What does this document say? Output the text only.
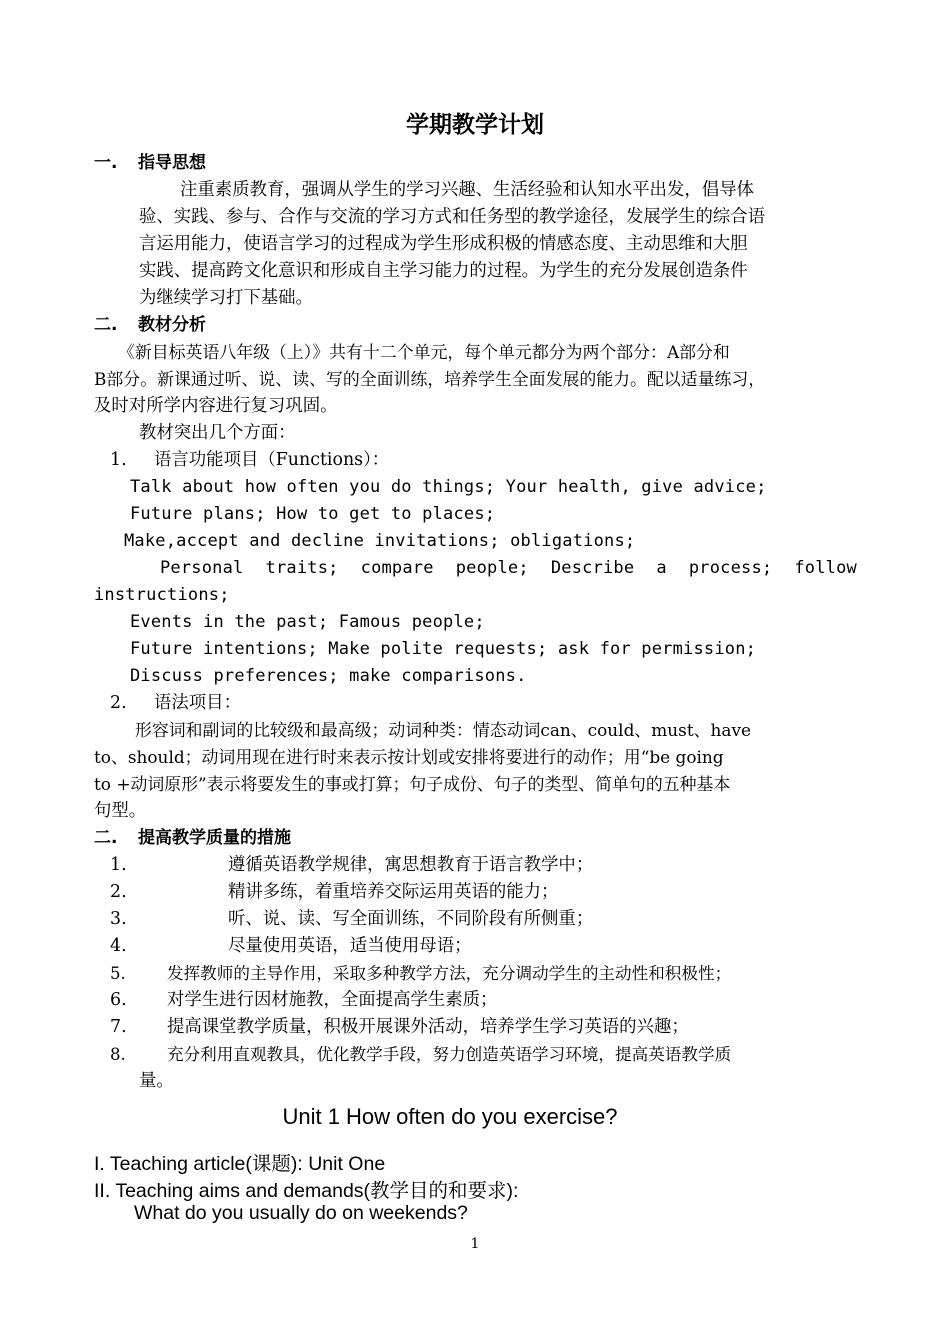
学期教学计划
一. 指导思想
注重素质教育，强调从学生的学习兴趣、生活经验和认知水平出发，倡导体
验、实践、参与、合作与交流的学习方式和任务型的教学途径，发展学生的综合语
言运用能力，使语言学习的过程成为学生形成积极的情感态度、主动思维和大胆
实践、提高跨文化意识和形成自主学习能力的过程。为学生的充分发展创造条件
为继续学习打下基础。
二. 教材分析
《新目标英语八年级（上）》共有十二个单元，每个单元都分为两个部分：A部分和
B部分。新课通过听、说、读、写的全面训练，培养学生全面发展的能力。配以适量练习，
及时对所学内容进行复习巩固。
教材突出几个方面：
1. 语言功能项目（Functions）：
Talk about how often you do things; Your health, give advice;
Future plans; How to get to places;
Make,accept and decline invitations; obligations;
Personal traits; compare people; Describe a process; follow
instructions;
Events in the past; Famous people;
Future intentions; Make polite requests; ask for permission;
Discuss preferences; make comparisons.
2. 语法项目：
形容词和副词的比较级和最高级；动词种类：情态动词can、could、must、have
to、should；动词用现在进行时来表示按计划或安排将要进行的动作；用“be going
to +动词原形”表示将要发生的事或打算；句子成份、句子的类型、简单句的五种基本
句型。
二. 提高教学质量的措施
1.	遵循英语教学规律，寓思想教育于语言教学中；
2.	精讲多练，着重培养交际运用英语的能力；
3.	听、说、读、写全面训练，不同阶段有所侧重；
4.	尽量使用英语，适当使用母语；
5. 发挥教师的主导作用，采取多种教学方法，充分调动学生的主动性和积极性；
6. 对学生进行因材施教，全面提高学生素质；
7. 提高课堂教学质量，积极开展课外活动，培养学生学习英语的兴趣；
8. 充分利用直观教具，优化教学手段，努力创造英语学习环境，提高英语教学质
量。
Unit 1 How often do you exercise?
I. Teaching article(课题): Unit One
II. Teaching aims and demands(教学目的和要求):
What do you usually do on weekends?
1
